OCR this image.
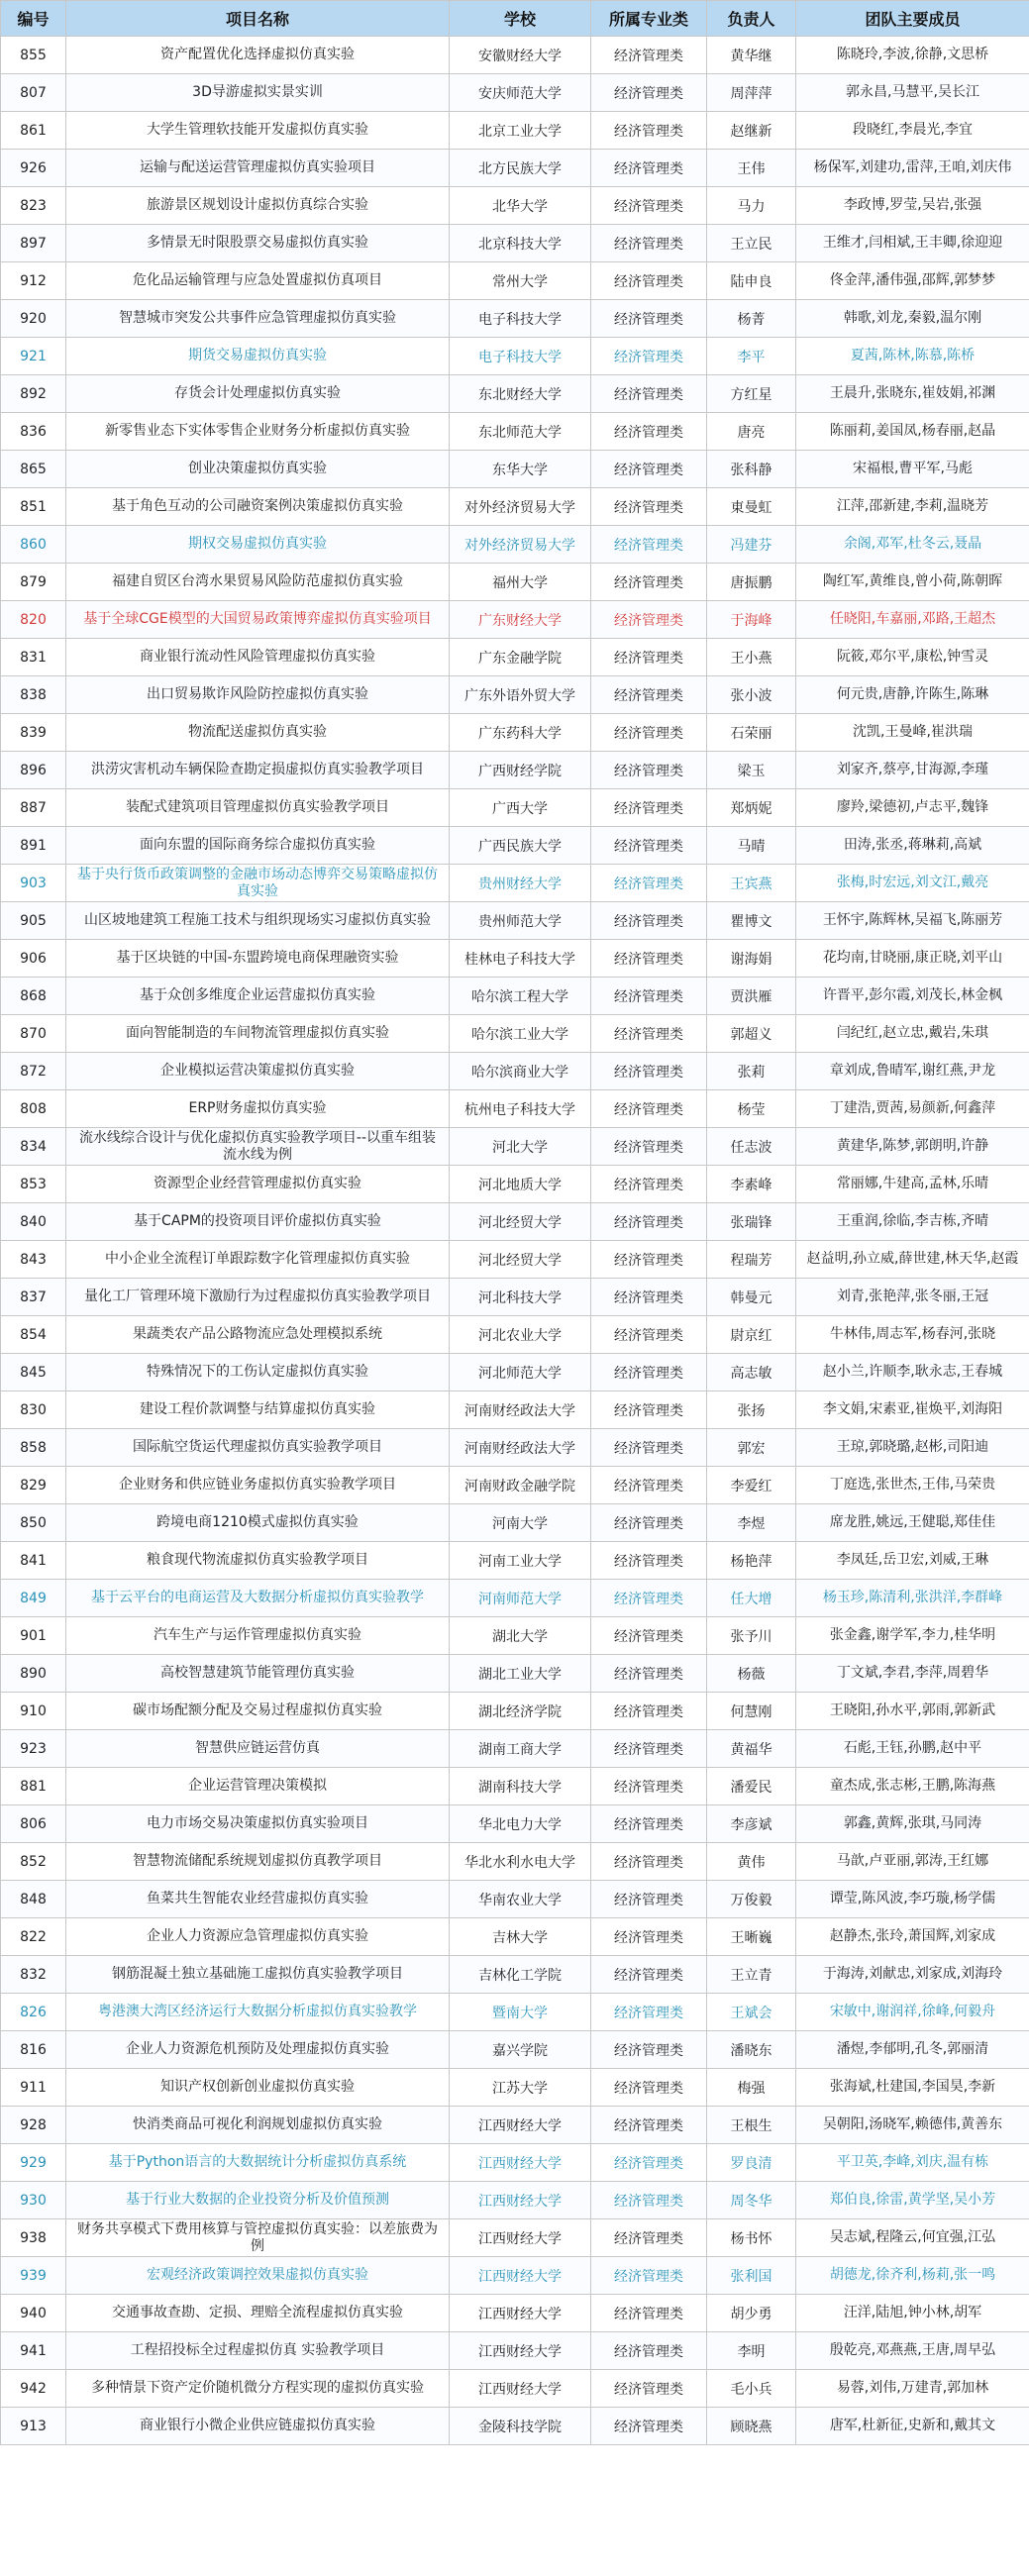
编号	项目名称	学校	所属专业类	负责人	团队主要成员
855	资产配置优化选择虚拟仿真实验	安徽财经大学	经济管理类	黄华继	陈晓玲,李波,徐静,文思桥
807	3D导游虚拟实景实训	安庆师范大学	经济管理类	周萍萍	郭永昌,马慧平,吴长江
861	大学生管理软技能开发虚拟仿真实验	北京工业大学	经济管理类	赵继新	段晓红,李晨光,李宜
926	运输与配送运营管理虚拟仿真实验项目	北方民族大学	经济管理类	王伟	杨保军,刘建功,雷萍,王咱,刘庆伟
823	旅游景区规划设计虚拟仿真综合实验	北华大学	经济管理类	马力	李政博,罗莹,吴岩,张强
897	多情景无时限股票交易虚拟仿真实验	北京科技大学	经济管理类	王立民	王维才,闫相斌,王丰卿,徐迎迎
912	危化品运输管理与应急处置虚拟仿真项目	常州大学	经济管理类	陆申良	佟金萍,潘伟强,邵辉,郭梦梦
920	智慧城市突发公共事件应急管理虚拟仿真实验	电子科技大学	经济管理类	杨菁	韩歌,刘龙,秦毅,温尔刚
921	期货交易虚拟仿真实验	电子科技大学	经济管理类	李平	夏茜,陈林,陈慕,陈桥
892	存货会计处理虚拟仿真实验	东北财经大学	经济管理类	方红星	王晨升,张晓东,崔妓娟,祁渊
836	新零售业态下实体零售企业财务分析虚拟仿真实验	东北师范大学	经济管理类	唐亮	陈丽莉,姜国凤,杨春丽,赵晶
865	创业决策虚拟仿真实验	东华大学	经济管理类	张科静	宋福根,曹平军,马彪
851	基于角色互动的公司融资案例决策虚拟仿真实验	对外经济贸易大学	经济管理类	東曼虹	江萍,邵新建,李莉,温晓芳
860	期权交易虚拟仿真实验	对外经济贸易大学	经济管理类	冯建芬	余阁,邓军,杜冬云,聂晶
879	福建自贸区台湾水果贸易风险防范虚拟仿真实验	福州大学	经济管理类	唐振鹏	陶红军,黄维良,曾小荷,陈朝晖
820	基于全球CGE模型的大国贸易政策博弈虚拟仿真实验项目	广东财经大学	经济管理类	于海峰	任晓阳,车嘉丽,邓路,王超杰
831	商业银行流动性风险管理虚拟仿真实验	广东金融学院	经济管理类	王小燕	阮筱,邓尔平,康松,钟雪灵
838	出口贸易欺诈风险防控虚拟仿真实验	广东外语外贸大学	经济管理类	张小波	何元贵,唐静,许陈生,陈琳
839	物流配送虚拟仿真实验	广东药科大学	经济管理类	石荣丽	沈凯,王曼峰,崔洪瑞
896	洪涝灾害机动车辆保险查勘定损虚拟仿真实验教学项目	广西财经学院	经济管理类	梁玉	刘家齐,蔡亭,甘海源,李瑾
887	装配式建筑项目管理虚拟仿真实验教学项目	广西大学	经济管理类	郑炳妮	廖羚,梁德初,卢志平,魏锋
891	面向东盟的国际商务综合虚拟仿真实验	广西民族大学	经济管理类	马晴	田涛,张丞,蒋琳莉,高斌
903	基于央行货币政策调整的金融市场动态博弈交易策略虚拟仿真实验	贵州财经大学	经济管理类	王宾燕	张梅,时宏远,刘文江,戴亮
905	山区坡地建筑工程施工技术与组织现场实习虚拟仿真实验	贵州师范大学	经济管理类	瞿博文	王怀宇,陈辉林,吴福飞,陈丽芳
906	基于区块链的中国-东盟跨境电商保理融资实验	桂林电子科技大学	经济管理类	谢海娟	花均南,甘晓丽,康正晓,刘平山
868	基于众创多维度企业运营虚拟仿真实验	哈尔滨工程大学	经济管理类	贾洪雁	许晋平,彭尔霞,刘茂长,林金枫
870	面向智能制造的车间物流管理虚拟仿真实验	哈尔滨工业大学	经济管理类	郭超义	闫纪红,赵立忠,戴岩,朱琪
872	企业模拟运营决策虚拟仿真实验	哈尔滨商业大学	经济管理类	张莉	章刘成,鲁晴军,谢红燕,尹龙
808	ERP财务虚拟仿真实验	杭州电子科技大学	经济管理类	杨莹	丁建浩,贾茜,易颜新,何鑫萍
834	流水线综合设计与优化虚拟仿真实验教学项目--以重车组装流水线为例	河北大学	经济管理类	任志波	黄建华,陈梦,郭朗明,许静
853	资源型企业经营管理虚拟仿真实验	河北地质大学	经济管理类	李素峰	常丽娜,牛建高,孟林,乐晴
840	基于CAPM的投资项目评价虚拟仿真实验	河北经贸大学	经济管理类	张瑞锋	王重润,徐临,李吉栋,齐晴
843	中小企业全流程订单跟踪数字化管理虚拟仿真实验	河北经贸大学	经济管理类	程瑞芳	赵益明,孙立威,薛世建,林天华,赵霞
837	量化工厂管理环境下激励行为过程虚拟仿真实验教学项目	河北科技大学	经济管理类	韩曼元	刘青,张艳萍,张冬丽,王冠
854	果蔬类农产品公路物流应急处理模拟系统	河北农业大学	经济管理类	尉京红	牛林伟,周志军,杨春河,张晓
845	特殊情况下的工伤认定虚拟仿真实验	河北师范大学	经济管理类	高志敏	赵小兰,许顺李,耿永志,王春城
830	建设工程价款调整与结算虚拟仿真实验	河南财经政法大学	经济管理类	张扬	李文娟,宋素亚,崔焕平,刘海阳
858	国际航空货运代理虚拟仿真实验教学项目	河南财经政法大学	经济管理类	郭宏	王琼,郭晓璐,赵彬,司阳迪
829	企业财务和供应链业务虚拟仿真实验教学项目	河南财政金融学院	经济管理类	李爱红	丁庭选,张世杰,王伟,马荣贵
850	跨境电商1210模式虚拟仿真实验	河南大学	经济管理类	李煜	席龙胜,姚远,王健聪,郑佳佳
841	粮食现代物流虚拟仿真实验教学项目	河南工业大学	经济管理类	杨艳萍	李凤廷,岳卫宏,刘威,王琳
849	基于云平台的电商运营及大数据分析虚拟仿真实验教学	河南师范大学	经济管理类	任大增	杨玉珍,陈清利,张洪洋,李群峰
901	汽车生产与运作管理虚拟仿真实验	湖北大学	经济管理类	张予川	张金鑫,谢学军,李力,桂华明
890	高校智慧建筑节能管理仿真实验	湖北工业大学	经济管理类	杨薇	丁文斌,李君,李萍,周碧华
910	碳市场配额分配及交易过程虚拟仿真实验	湖北经济学院	经济管理类	何慧刚	王晓阳,孙水平,郭雨,郭新武
923	智慧供应链运营仿真	湖南工商大学	经济管理类	黄福华	石彪,王钰,孙鹏,赵中平
881	企业运营管理决策模拟	湖南科技大学	经济管理类	潘爱民	童杰成,张志彬,王鹏,陈海燕
806	电力市场交易决策虚拟仿真实验项目	华北电力大学	经济管理类	李彦斌	郭鑫,黄辉,张琪,马同涛
852	智慧物流储配系统规划虚拟仿真教学项目	华北水利水电大学	经济管理类	黄伟	马歆,卢亚丽,郭涛,王红娜
848	鱼菜共生智能农业经营虚拟仿真实验	华南农业大学	经济管理类	万俊毅	谭莹,陈风波,李巧璇,杨学儒
822	企业人力资源应急管理虚拟仿真实验	吉林大学	经济管理类	王晰巍	赵静杰,张玲,萧国辉,刘家成
832	钢筋混凝土独立基础施工虚拟仿真实验教学项目	吉林化工学院	经济管理类	王立青	于海涛,刘献忠,刘家成,刘海玲
826	粤港澳大湾区经济运行大数据分析虚拟仿真实验教学	暨南大学	经济管理类	王斌会	宋敏中,谢润祥,徐峰,何毅舟
816	企业人力资源危机预防及处理虚拟仿真实验	嘉兴学院	经济管理类	潘晓东	潘煜,李郁明,孔冬,郭丽清
911	知识产权创新创业虚拟仿真实验	江苏大学	经济管理类	梅强	张海斌,杜建国,李国昊,李新
928	快消类商品可视化利润规划虚拟仿真实验	江西财经大学	经济管理类	王根生	吴朝阳,汤晓军,赖德伟,黄善东
929	基于Python语言的大数据统计分析虚拟仿真系统	江西财经大学	经济管理类	罗良清	平卫英,李峰,刘庆,温有栋
930	基于行业大数据的企业投资分析及价值预测	江西财经大学	经济管理类	周冬华	郑伯良,徐雷,黄学坚,吴小芳
938	财务共享模式下费用核算与管控虚拟仿真实验：以差旅费为例	江西财经大学	经济管理类	杨书怀	吴志斌,程隆云,何宜强,江弘
939	宏观经济政策调控效果虚拟仿真实验	江西财经大学	经济管理类	张利国	胡德龙,徐齐利,杨莉,张一鸣
940	交通事故查勘、定损、理赔全流程虚拟仿真实验	江西财经大学	经济管理类	胡少勇	汪洋,陆旭,钟小林,胡军
941	工程招投标全过程虚拟仿真 实验教学项目	江西财经大学	经济管理类	李明	殷乾亮,邓燕燕,王唐,周早弘
942	多种情景下资产定价随机微分方程实现的虚拟仿真实验	江西财经大学	经济管理类	毛小兵	易蓉,刘伟,万建青,郭加林
913	商业银行小微企业供应链虚拟仿真实验	金陵科技学院	经济管理类	顾晓燕	唐军,杜新征,史新和,戴其文
